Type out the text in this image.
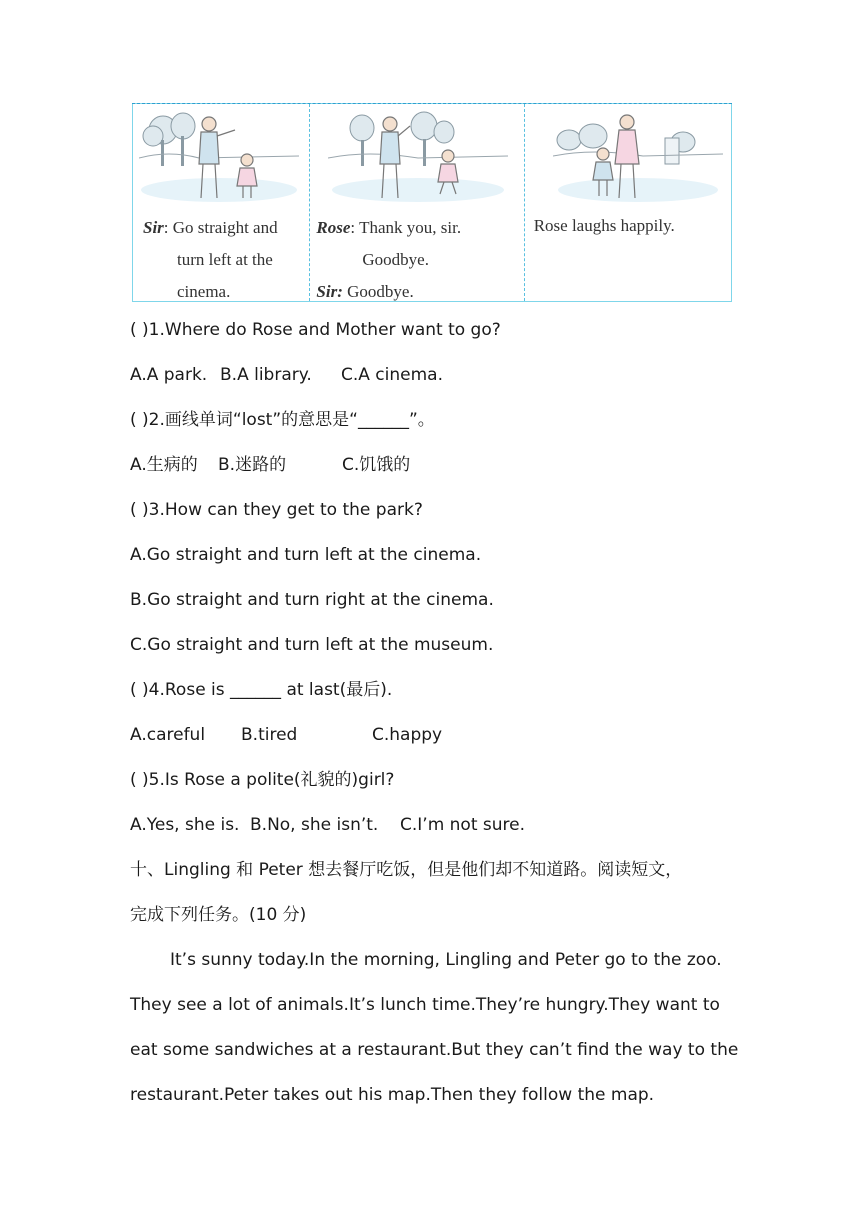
Sir: Go straight and
turn left at the
cinema.
Rose: Thank you, sir.
Goodbye.
Sir: Goodbye.
Rose laughs happily.
( )1.Where do Rose and Mother want to go?
A.A park. B.A library. C.A cinema.
( )2.画线单词“lost”的意思是“______”。
A.生病的 B.迷路的	C.饥饿的
( )3.How can they get to the park?
A.Go straight and turn left at the cinema.
B.Go straight and turn right at the cinema.
C.Go straight and turn left at the museum.
( )4.Rose is ______ at last(最后).
A.careful B.tired	C.happy
( )5.Is Rose a polite(礼貌的)girl?
A.Yes, she is. B.No, she isn’t. C.I’m not sure.
十、Lingling 和 Peter 想去餐厅吃饭，但是他们却不知道路。阅读短文，
完成下列任务。(10 分)
It’s sunny today.In the morning, Lingling and Peter go to the zoo.
They see a lot of animals.It’s lunch time.They’re hungry.They want to
eat some sandwiches at a restaurant.But they can’t find the way to the
restaurant.Peter takes out his map.Then they follow the map.
